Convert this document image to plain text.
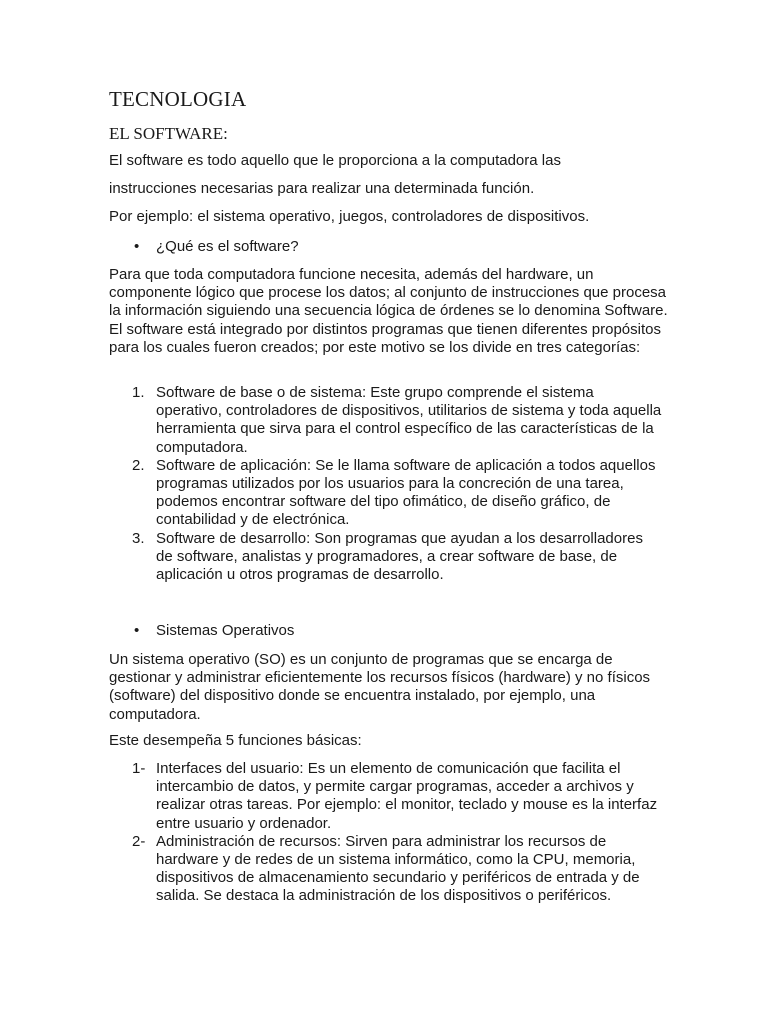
TECNOLOGIA
EL SOFTWARE:

El software es todo aquello que le proporciona a la computadora las

instrucciones necesarias para realizar una determinada función.

Por ejemplo: el sistema operativo, juegos, controladores de dispositivos.

• ¿Qué es el software?

Para que toda computadora funcione necesita, además del hardware, un componente lógico que procese los datos; al conjunto de instrucciones que procesa la información siguiendo una secuencia lógica de órdenes se lo denomina Software. El software está integrado por distintos programas que tienen diferentes propósitos para los cuales fueron creados; por este motivo se los divide en tres categorías:

1. Software de base o de sistema: Este grupo comprende el sistema operativo, controladores de dispositivos, utilitarios de sistema y toda aquella herramienta que sirva para el control específico de las características de la computadora.
2. Software de aplicación: Se le llama software de aplicación a todos aquellos programas utilizados por los usuarios para la concreción de una tarea, podemos encontrar software del tipo ofimático, de diseño gráfico, de contabilidad y de electrónica.
3. Software de desarrollo: Son programas que ayudan a los desarrolladores de software, analistas y programadores, a crear software de base, de aplicación u otros programas de desarrollo.
• Sistemas Operativos

Un sistema operativo (SO) es un conjunto de programas que se encarga de gestionar y administrar eficientemente los recursos físicos (hardware) y no físicos (software) del dispositivo donde se encuentra instalado, por ejemplo, una computadora.

Este desempeña 5 funciones básicas:

1- Interfaces del usuario: Es un elemento de comunicación que facilita el intercambio de datos, y permite cargar programas, acceder a archivos y realizar otras tareas. Por ejemplo: el monitor, teclado y mouse es la interfaz entre usuario y ordenador.
2- Administración de recursos: Sirven para administrar los recursos de hardware y de redes de un sistema informático, como la CPU, memoria, dispositivos de almacenamiento secundario y periféricos de entrada y de salida. Se destaca la administración de los dispositivos o periféricos.
